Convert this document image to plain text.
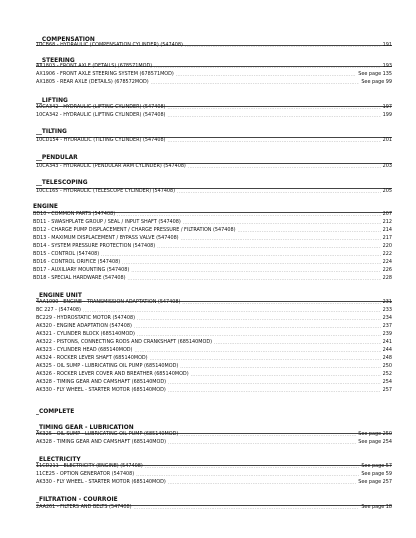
__COMPENSATION
10CB68 - HYDRAULIC (COMPENSATION CYLINDER) (547408) .....	191
__STEERING
AX1803 - FRONT AXLE (DETAILS) (678571MOD) .....	193
AX1906 - FRONT AXLE STEERING SYSTEM (678571MOD) .....	See page 135
AX1805 - REAR AXLE (DETAILS) (678572MOD) .....	See page 99
__LIFTING
10CA342 - HYDRAULIC (LIFTING CYLINDER) (547408) .....	197
10CA342 - HYDRAULIC (LIFTING CYLINDER) (547408) .....	199
__TILTING
10CD154 - HYDRAULIC (TILTING CYLINDER) (547408) .....	201
__PENDULAR
10CA343 - HYDRAULIC (PENDULAR ARM CYLINDER) (547408) .....	203
__TELESCOPING
10CC165 - HYDRAULIC (TELESCOPE CYLINDER) (547408) .....	205
ENGINE
BD10 - COMMON PARTS (547408) .....	207
BD11 - SWASHPLATE GROUP / SEAL / INPUT SHAFT (547408) .....	212
BD12 - CHARGE PUMP DISPLACEMENT / CHARGE PRESSURE / FILTRATION (547408) .....	214
BD13 - MAXIMUM DISPLACEMENT / BYPASS VALVE (547408) .....	217
BD14 - SYSTEM PRESSURE PROTECTION (547408) .....	220
BD15 - CONTROL (547408) .....	222
BD16 - CONTROL ORIFICE (547408) .....	224
BD17 - AUXILIARY MOUNTING (547408) .....	226
BD18 - SPECIAL HARDWARE (547408) .....	228
_ENGINE UNIT
4AA1090 - ENGINE - TRANSMISSION ADAPTATION (547408) .....	231
BC 227 - (547408) .....	233
BC229 - HYDROSTATIC MOTOR (547408) .....	234
AK320 - ENGINE ADAPTATION (547408) .....	237
AK321 - CYLINDER BLOCK (685140MOD) .....	239
AK322 - PISTONS, CONNECTING RODS AND CRANKSHAFT (685140MOD) .....	241
AK323 - CYLINDER HEAD (685140MOD) .....	244
AK324 - ROCKER LEVER SHAFT (685140MOD) .....	248
AK325 - OIL SUMP - LUBRICATING OIL PUMP (685140MOD) .....	250
AK326 - ROCKER LEVER COVER AND BREATHER (685140MOD) .....	252
AK328 - TIMING GEAR AND CAMSHAFT (685140MOD) .....	254
AK330 - FLY WHEEL - STARTER MOTOR (685140MOD) .....	257
_COMPLETE
_TIMING GEAR - LUBRICATION
AK325 - OIL SUMP - LUBRICATING OIL PUMP (685140MOD) .....	See page 250
AK328 - TIMING GEAR AND CAMSHAFT (685140MOD) .....	See page 254
_ELECTRICITY
11CD211 - ELECTRICITY (ENGINE) (547408) .....	See page 57
11CE25 - OPTION GENERATOR (547408) .....	See page 59
AK330 - FLY WHEEL - STARTER MOTOR (685140MOD) .....	See page 257
_FILTRATION - COURROIE
2AA261 - FILTERS AND BELTS (547408) .....	See page 18
